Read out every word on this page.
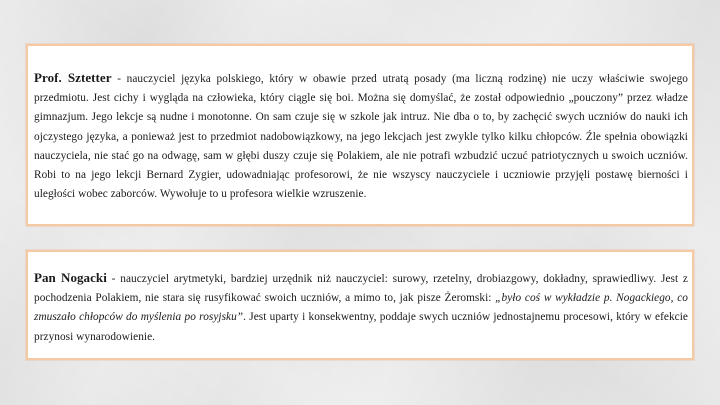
Prof. Sztetter - nauczyciel języka polskiego, który w obawie przed utratą posady (ma liczną rodzinę) nie uczy właściwie swojego przedmiotu. Jest cichy i wygląda na człowieka, który ciągle się boi. Można się domyślać, że został odpowiednio „pouczony” przez władze gimnazjum. Jego lekcje są nudne i monotonne. On sam czuje się w szkole jak intruz. Nie dba o to, by zachęcić swych uczniów do nauki ich ojczystego języka, a ponieważ jest to przedmiot nadobowiązkowy, na jego lekcjach jest zwykle tylko kilku chłopców. Źle spełnia obowiązki nauczyciela, nie stać go na odwagę, sam w głębi duszy czuje się Polakiem, ale nie potrafi wzbudzić uczuć patriotycznych u swoich uczniów. Robi to na jego lekcji Bernard Zygier, udowadniając profesorowi, że nie wszyscy nauczyciele i uczniowie przyjęli postawę bierności i uległości wobec zaborców. Wywołuje to u profesora wielkie wzruszenie.

Pan Nogacki - nauczyciel arytmetyki, bardziej urzędnik niż nauczyciel: surowy, rzetelny, drobiazgowy, dokładny, sprawiedliwy. Jest z pochodzenia Polakiem, nie stara się rusyfikować swoich uczniów, a mimo to, jak pisze Żeromski: „było coś w wykładzie p. Nogackiego, co zmuszało chłopców do myślenia po rosyjsku”. Jest uparty i konsekwentny, poddaje swych uczniów jednostajnemu procesowi, który w efekcie przynosi wynarodowienie.
